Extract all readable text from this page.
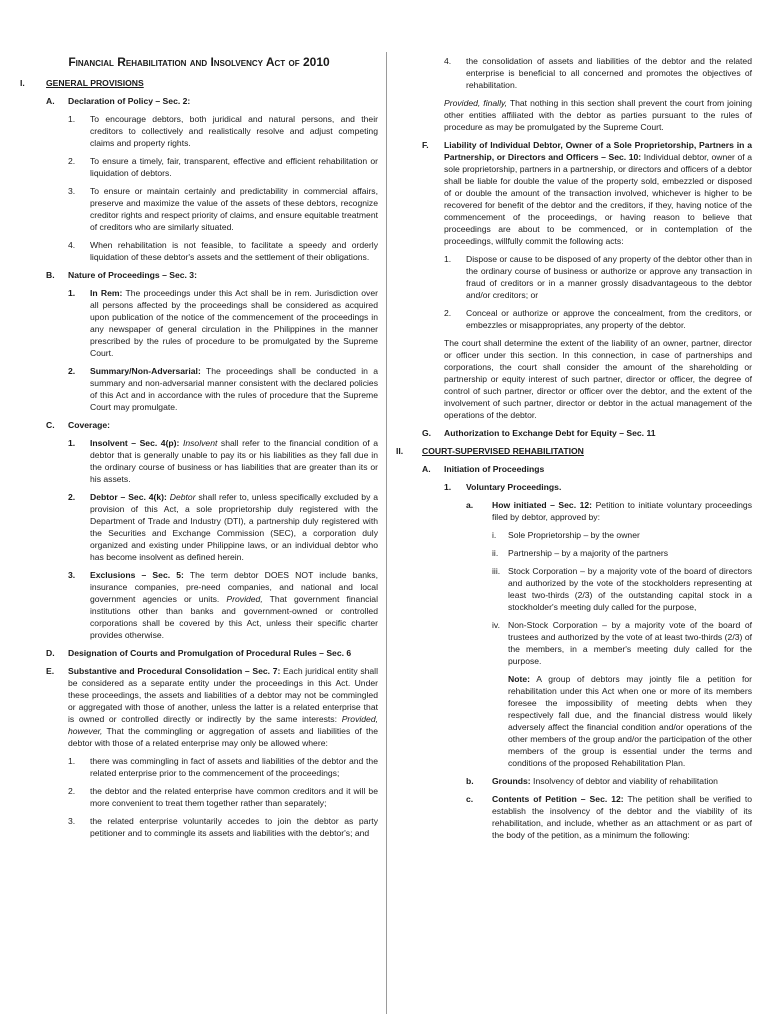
Financial Rehabilitation and Insolvency Act of 2010
I. GENERAL PROVISIONS
A. Declaration of Policy – Sec. 2:
1. To encourage debtors, both juridical and natural persons, and their creditors to collectively and realistically resolve and adjust competing claims and property rights.
2. To ensure a timely, fair, transparent, effective and efficient rehabilitation or liquidation of debtors.
3. To ensure or maintain certainly and predictability in commercial affairs, preserve and maximize the value of the assets of these debtors, recognize creditor rights and respect priority of claims, and ensure equitable treatment of creditors who are similarly situated.
4. When rehabilitation is not feasible, to facilitate a speedy and orderly liquidation of these debtor's assets and the settlement of their obligations.
B. Nature of Proceedings – Sec. 3:
1. In Rem: The proceedings under this Act shall be in rem. Jurisdiction over all persons affected by the proceedings shall be considered as acquired upon publication of the notice of the commencement of the proceedings in any newspaper of general circulation in the Philippines in the manner prescribed by the rules of procedure to be promulgated by the Supreme Court.
2. Summary/Non-Adversarial: The proceedings shall be conducted in a summary and non-adversarial manner consistent with the declared policies of this Act and in accordance with the rules of procedure that the Supreme Court may promulgate.
C. Coverage:
1. Insolvent – Sec. 4(p): Insolvent shall refer to the financial condition of a debtor that is generally unable to pay its or his liabilities as they fall due in the ordinary course of business or has liabilities that are greater than its or his assets.
2. Debtor – Sec. 4(k): Debtor shall refer to, unless specifically excluded by a provision of this Act, a sole proprietorship duly registered with the Department of Trade and Industry (DTI), a partnership duly registered with the Securities and Exchange Commission (SEC), a corporation duly organized and existing under Philippine laws, or an individual debtor who has become insolvent as defined herein.
3. Exclusions – Sec. 5: The term debtor DOES NOT include banks, insurance companies, pre-need companies, and national and local government agencies or units. Provided, That government financial institutions other than banks and government-owned or controlled corporations shall be covered by this Act, unless their specific charter provides otherwise.
D. Designation of Courts and Promulgation of Procedural Rules – Sec. 6
E. Substantive and Procedural Consolidation – Sec. 7: Each juridical entity shall be considered as a separate entity under the proceedings in this Act. Under these proceedings, the assets and liabilities of a debtor may not be commingled or aggregated with those of another, unless the latter is a related enterprise that is owned or controlled directly or indirectly by the same interests: Provided, however, That the commingling or aggregation of assets and liabilities of the debtor with those of a related enterprise may only be allowed where:
1. there was commingling in fact of assets and liabilities of the debtor and the related enterprise prior to the commencement of the proceedings;
2. the debtor and the related enterprise have common creditors and it will be more convenient to treat them together rather than separately;
3. the related enterprise voluntarily accedes to join the debtor as party petitioner and to commingle its assets and liabilities with the debtor's; and
4. the consolidation of assets and liabilities of the debtor and the related enterprise is beneficial to all concerned and promotes the objectives of rehabilitation.
Provided, finally, That nothing in this section shall prevent the court from joining other entities affiliated with the debtor as parties pursuant to the rules of procedure as may be promulgated by the Supreme Court.
F. Liability of Individual Debtor, Owner of a Sole Proprietorship, Partners in a Partnership, or Directors and Officers – Sec. 10: Individual debtor, owner of a sole proprietorship, partners in a partnership, or directors and officers of a debtor shall be liable for double the value of the property sold, embezzled or disposed of or double the amount of the transaction involved, whichever is higher to be recovered for benefit of the debtor and the creditors, if they, having notice of the commencement of the proceedings, or having reason to believe that proceedings are about to be commenced, or in contemplation of the proceedings, willfully commit the following acts:
1. Dispose or cause to be disposed of any property of the debtor other than in the ordinary course of business or authorize or approve any transaction in fraud of creditors or in a manner grossly disadvantageous to the debtor and/or creditors; or
2. Conceal or authorize or approve the concealment, from the creditors, or embezzles or misappropriates, any property of the debtor.
The court shall determine the extent of the liability of an owner, partner, director or officer under this section. In this connection, in case of partnerships and corporations, the court shall consider the amount of the shareholding or partnership or equity interest of such partner, director or officer, the degree of control of such partner, director or officer over the debtor, and the extent of the involvement of such partner, director or debtor in the actual management of the operations of the debtor.
G. Authorization to Exchange Debt for Equity – Sec. 11
II. COURT-SUPERVISED REHABILITATION
A. Initiation of Proceedings
1. Voluntary Proceedings.
a. How initiated – Sec. 12: Petition to initiate voluntary proceedings filed by debtor, approved by:
i. Sole Proprietorship – by the owner
ii. Partnership – by a majority of the partners
iii. Stock Corporation – by a majority vote of the board of directors and authorized by the vote of the stockholders representing at least two-thirds (2/3) of the outstanding capital stock in a stockholder's meeting duly called for the purpose,
iv. Non-Stock Corporation – by a majority vote of the board of trustees and authorized by the vote of at least two-thirds (2/3) of the members, in a member's meeting duly called for the purpose.
Note: A group of debtors may jointly file a petition for rehabilitation under this Act when one or more of its members foresee the impossibility of meeting debts when they respectively fall due, and the financial distress would likely adversely affect the financial condition and/or operations of the other members of the group and/or the participation of the other members of the group is essential under the terms and conditions of the proposed Rehabilitation Plan.
b. Grounds: Insolvency of debtor and viability of rehabilitation
c. Contents of Petition – Sec. 12: The petition shall be verified to establish the insolvency of the debtor and the viability of its rehabilitation, and include, whether as an attachment or as part of the body of the petition, as a minimum the following:
